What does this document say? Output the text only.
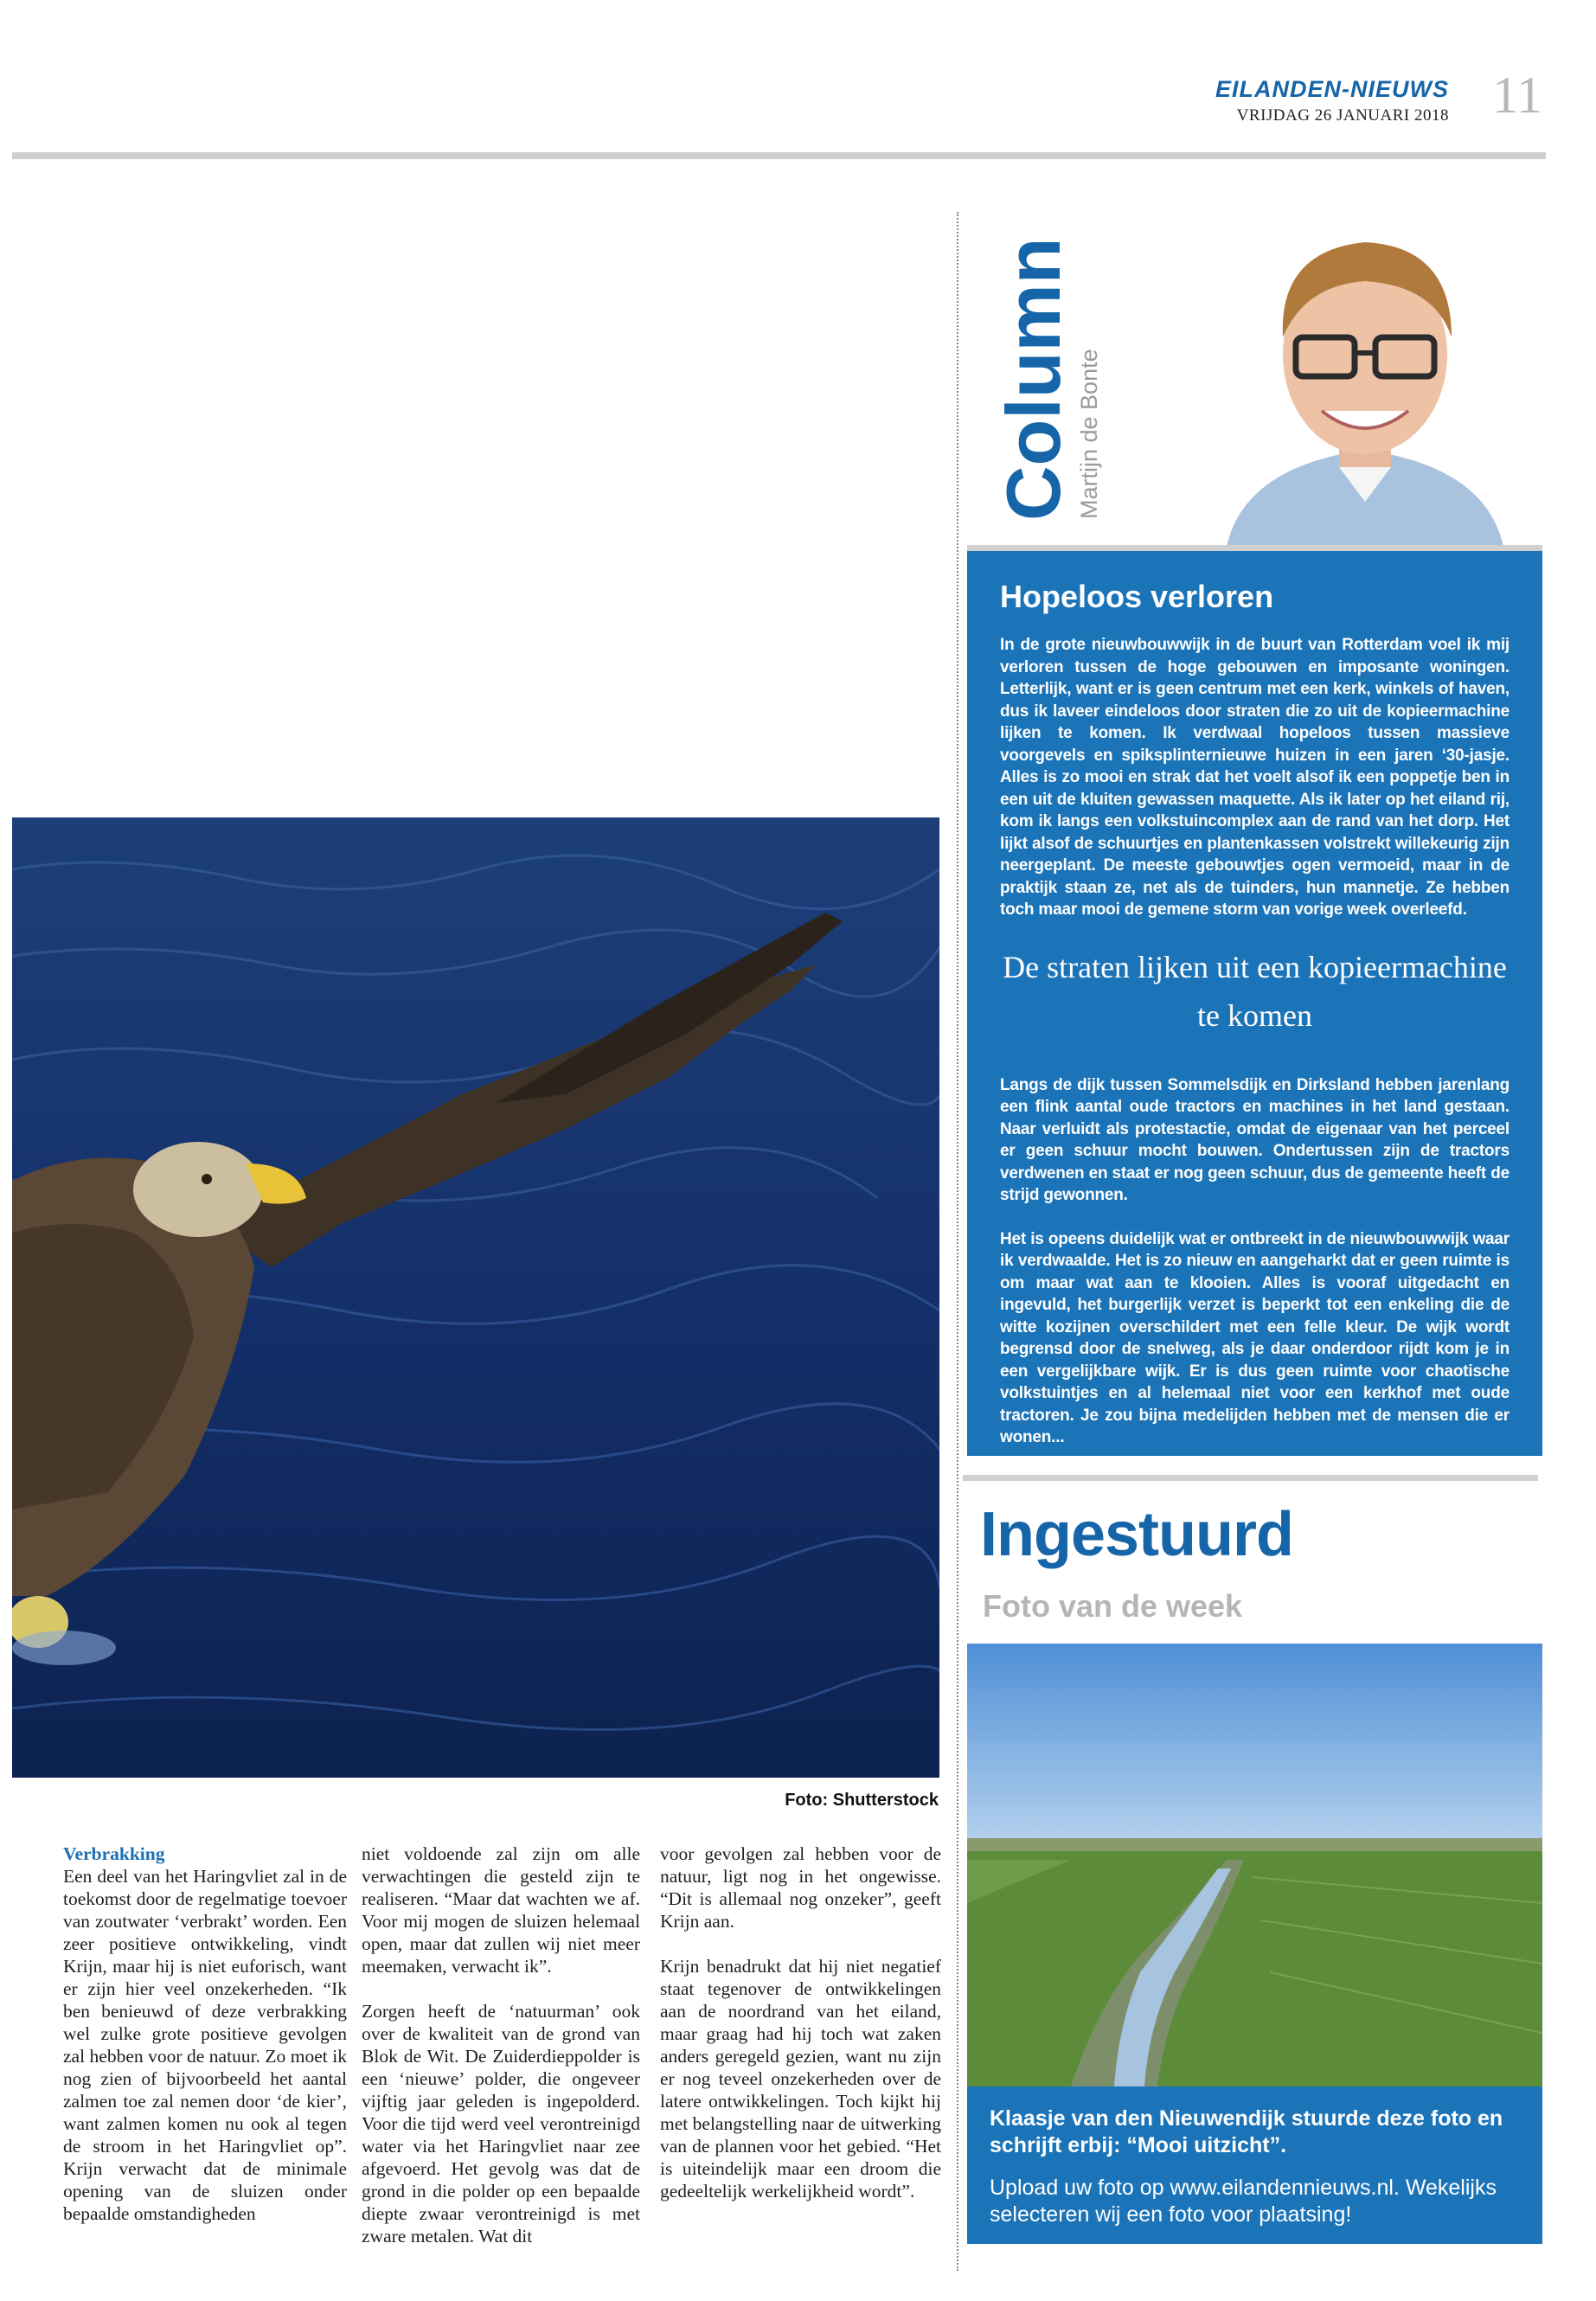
EILANDEN-NIEUWS
VRIJDAG 26 JANUARI 2018 11
Foto: Shutterstock
Verbrakking

Een deel van het Haringvliet zal in de toekomst door de regelmatige toevoer van zoutwater ‘verbrakt’ worden. Een zeer positieve ontwikkeling, vindt Krijn, maar hij is niet euforisch, want er zijn hier veel onzekerheden. “Ik ben benieuwd of deze verbrakking wel zulke grote positieve gevolgen zal hebben voor de natuur. Zo moet ik nog zien of bijvoorbeeld het aantal zalmen toe zal nemen door ‘de kier’, want zalmen komen nu ook al tegen de stroom in het Haringvliet op”. Krijn verwacht dat de minimale opening van de sluizen onder bepaalde omstandigheden

niet voldoende zal zijn om alle verwachtingen die gesteld zijn te realiseren. “Maar dat wachten we af. Voor mij mogen de sluizen helemaal open, maar dat zullen wij niet meer meemaken, verwacht ik”.

Zorgen heeft de ‘natuurman’ ook over de kwaliteit van de grond van Blok de Wit. De Zuiderdieppolder is een ‘nieuwe’ polder, die ongeveer vijftig jaar geleden is ingepolderd. Voor die tijd werd veel verontreinigd water via het Haringvliet naar zee afgevoerd. Het gevolg was dat de grond in die polder op een bepaalde diepte zwaar verontreinigd is met zware metalen. Wat dit

voor gevolgen zal hebben voor de natuur, ligt nog in het ongewisse. “Dit is allemaal nog onzeker”, geeft Krijn aan.

Krijn benadrukt dat hij niet negatief staat tegenover de ontwikkelingen aan de noordrand van het eiland, maar graag had hij toch wat zaken anders geregeld gezien, want nu zijn er nog teveel onzekerheden over de latere ontwikkelingen. Toch kijkt hij met belangstelling naar de uitwerking van de plannen voor het gebied. “Het is uiteindelijk maar een droom die gedeeltelijk werkelijkheid wordt”.

Column Martijn de Bonte
Hopeloos verloren

In de grote nieuwbouwwijk in de buurt van Rotterdam voel ik mij verloren tussen de hoge gebouwen en imposante woningen. Letterlijk, want er is geen centrum met een kerk, winkels of haven, dus ik laveer eindeloos door straten die zo uit de kopieermachine lijken te komen. Ik verdwaal hopeloos tussen massieve voorgevels en spiksplinternieuwe huizen in een jaren ‘30-jasje. Alles is zo mooi en strak dat het voelt alsof ik een poppetje ben in een uit de kluiten gewassen maquette. Als ik later op het eiland rij, kom ik langs een volkstuincomplex aan de rand van het dorp. Het lijkt alsof de schuurtjes en plantenkassen volstrekt willekeurig zijn neergeplant. De meeste gebouwtjes ogen vermoeid, maar in de praktijk staan ze, net als de tuinders, hun mannetje. Ze hebben toch maar mooi de gemene storm van vorige week overleefd.

De straten lijken uit een kopieermachine te komen

Langs de dijk tussen Sommelsdijk en Dirksland hebben jarenlang een flink aantal oude tractors en machines in het land gestaan. Naar verluidt als protestactie, omdat de eigenaar van het perceel er geen schuur mocht bouwen. Ondertussen zijn de tractors verdwenen en staat er nog geen schuur, dus de gemeente heeft de strijd gewonnen.

Het is opeens duidelijk wat er ontbreekt in de nieuwbouwwijk waar ik verdwaalde. Het is zo nieuw en aangeharkt dat er geen ruimte is om maar wat aan te klooien. Alles is vooraf uitgedacht en ingevuld, het burgerlijk verzet is beperkt tot een enkeling die de witte kozijnen overschildert met een felle kleur. De wijk wordt begrensd door de snelweg, als je daar onderdoor rijdt kom je in een vergelijkbare wijk. Er is dus geen ruimte voor chaotische volkstuintjes en al helemaal niet voor een kerkhof met oude tractoren. Je zou bijna medelijden hebben met de mensen die er wonen...

Ingestuurd
Foto van de week
Klaasje van den Nieuwendijk stuurde deze foto en schrijft erbij: “Mooi uitzicht”.
Upload uw foto op www.eilandennieuws.nl. Wekelijks selecteren wij een foto voor plaatsing!
